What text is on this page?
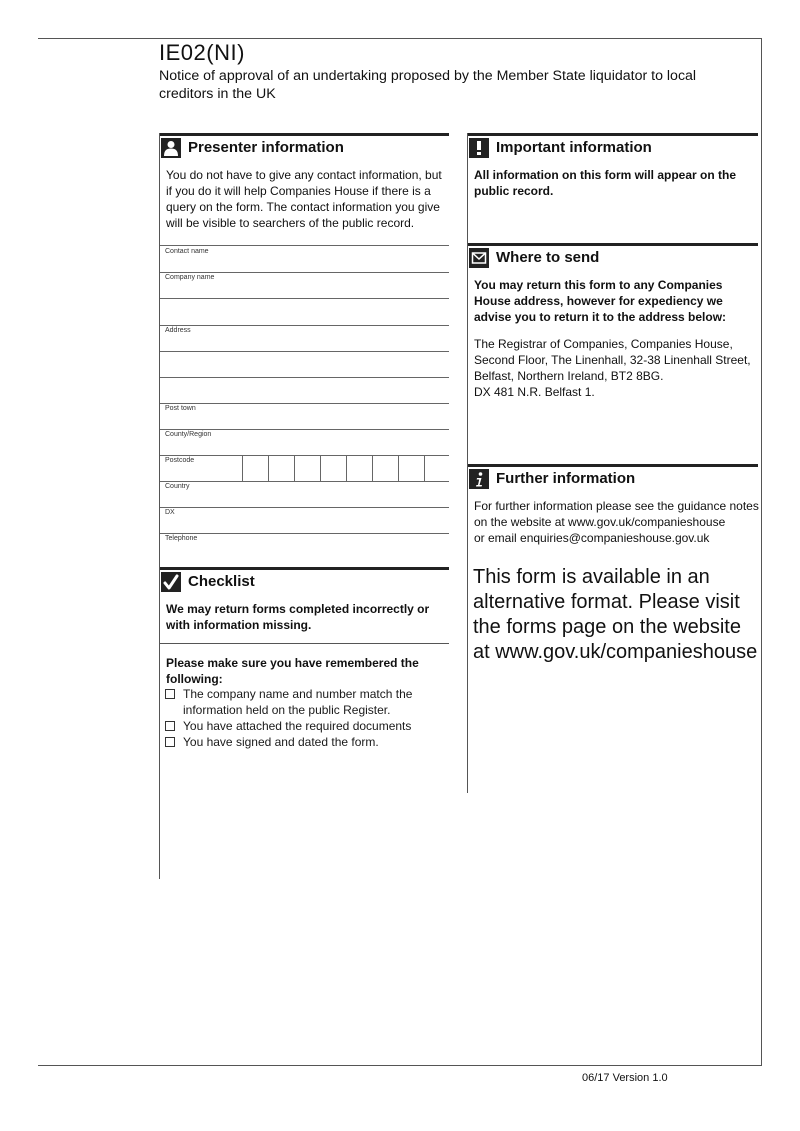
IE02(NI)
Notice of approval of an undertaking proposed by the Member State liquidator to local creditors in the UK
Presenter information
You do not have to give any contact information, but if you do it will help Companies House if there is a query on the form. The contact information you give will be visible to searchers of the public record.
Contact name
Company name
Address
Post town
County/Region
Postcode
Country
DX
Telephone
Checklist
We may return forms completed incorrectly or with information missing.
Please make sure you have remembered the following:
The company name and number match the information held on the public Register.
You have attached the required documents
You have signed and dated the form.
Important information
All information on this form will appear on the public record.
Where to send
You may return this form to any Companies House address, however for expediency we advise you to return it to the address below:
The Registrar of Companies, Companies House,
Second Floor, The Linenhall, 32-38 Linenhall Street,
Belfast, Northern Ireland, BT2 8BG.
DX 481 N.R. Belfast 1.
Further information
For further information please see the guidance notes
on the website at www.gov.uk/companieshouse
or email enquiries@companieshouse.gov.uk
This form is available in an alternative format. Please visit the forms page on the website at www.gov.uk/companieshouse
06/17 Version 1.0
